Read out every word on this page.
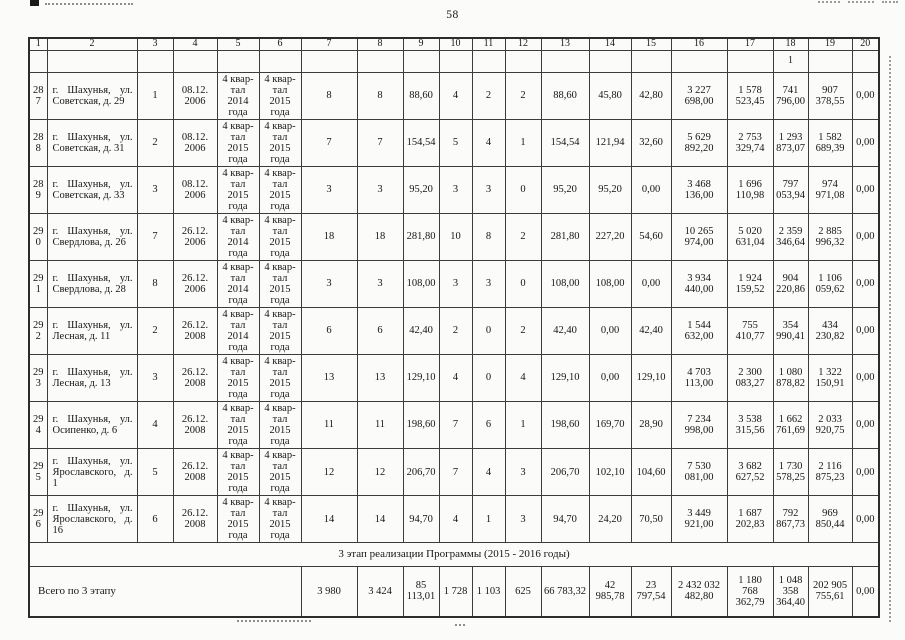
58
1	2	3	4	5	6	7	8	9	10	11	12	13	14	15	16	17	18	19	20
																	1		
28 7	г. Шахунья, ул. Советская, д. 29	1	08.12. 2006	4 квар- тал 2014 года	4 квар- тал 2015 года	8	8	88,60	4	2	2	88,60	45,80	42,80	3 227 698,00	1 578 523,45	741 796,00	907 378,55	0,00
28 8	г. Шахунья, ул. Советская, д. 31	2	08.12. 2006	4 квар- тал 2015 года	4 квар- тал 2015 года	7	7	154,54	5	4	1	154,54	121,94	32,60	5 629 892,20	2 753 329,74	1 293 873,07	1 582 689,39	0,00
28 9	г. Шахунья, ул. Советская, д. 33	3	08.12. 2006	4 квар- тал 2015 года	4 квар- тал 2015 года	3	3	95,20	3	3	0	95,20	95,20	0,00	3 468 136,00	1 696 110,98	797 053,94	974 971,08	0,00
29 0	г. Шахунья, ул. Свердлова, д. 26	7	26.12. 2006	4 квар- тал 2014 года	4 квар- тал 2015 года	18	18	281,80	10	8	2	281,80	227,20	54,60	10 265 974,00	5 020 631,04	2 359 346,64	2 885 996,32	0,00
29 1	г. Шахунья, ул. Свердлова, д. 28	8	26.12. 2006	4 квар- тал 2014 года	4 квар- тал 2015 года	3	3	108,00	3	3	0	108,00	108,00	0,00	3 934 440,00	1 924 159,52	904 220,86	1 106 059,62	0,00
29 2	г. Шахунья, ул. Лесная, д. 11	2	26.12. 2008	4 квар- тал 2014 года	4 квар- тал 2015 года	6	6	42,40	2	0	2	42,40	0,00	42,40	1 544 632,00	755 410,77	354 990,41	434 230,82	0,00
29 3	г. Шахунья, ул. Лесная, д. 13	3	26.12. 2008	4 квар- тал 2015 года	4 квар- тал 2015 года	13	13	129,10	4	0	4	129,10	0,00	129,10	4 703 113,00	2 300 083,27	1 080 878,82	1 322 150,91	0,00
29 4	г. Шахунья, ул. Осипенко, д. 6	4	26.12. 2008	4 квар- тал 2015 года	4 квар- тал 2015 года	11	11	198,60	7	6	1	198,60	169,70	28,90	7 234 998,00	3 538 315,56	1 662 761,69	2 033 920,75	0,00
29 5	г. Шахунья, ул. Ярославского, д. 1	5	26.12. 2008	4 квар- тал 2015 года	4 квар- тал 2015 года	12	12	206,70	7	4	3	206,70	102,10	104,60	7 530 081,00	3 682 627,52	1 730 578,25	2 116 875,23	0,00
29 6	г. Шахунья, ул. Ярославского, д. 16	6	26.12. 2008	4 квар- тал 2015 года	4 квар- тал 2015 года	14	14	94,70	4	1	3	94,70	24,20	70,50	3 449 921,00	1 687 202,83	792 867,73	969 850,44	0,00
3 этап реализации Программы (2015 - 2016 годы)																			
Всего по 3 этапу						3 980	3 424	85 113,01	1 728	1 103	625	66 783,32	42 985,78	23 797,54	2 432 032 482,80	1 180 768 362,79	1 048 358 364,40	202 905 755,61	0,00
